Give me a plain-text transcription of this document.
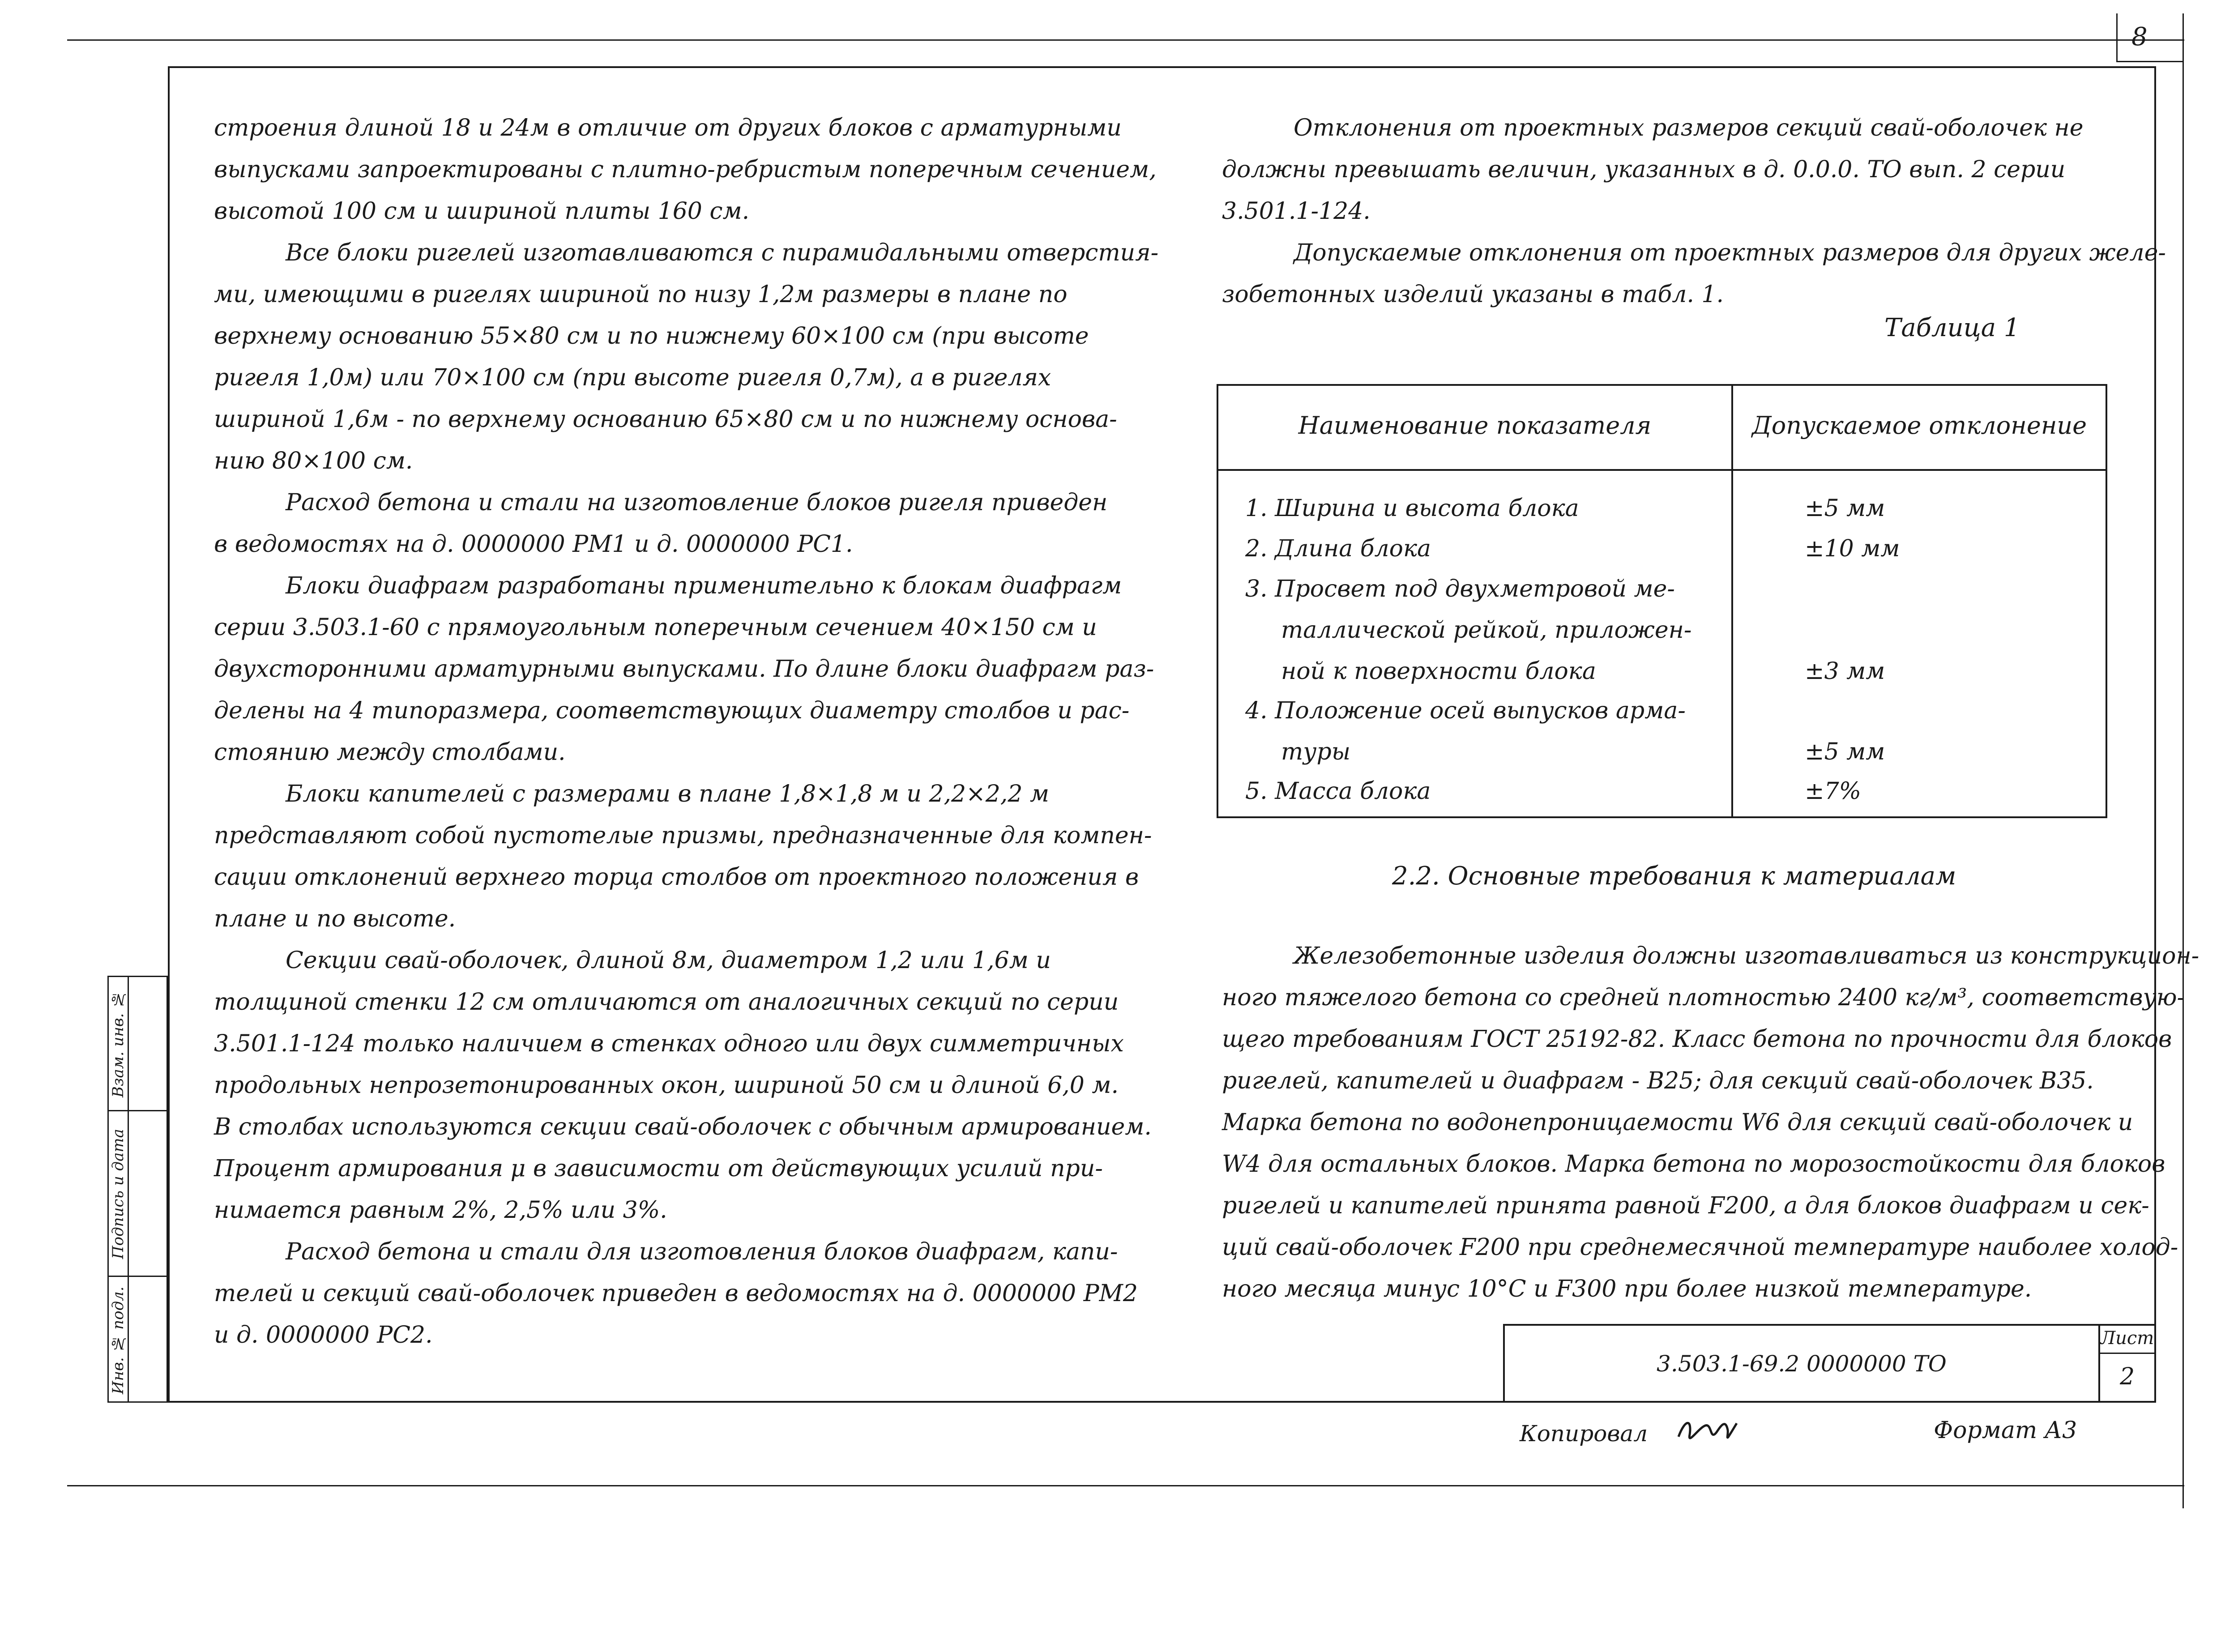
8
Инв. № подл.
Подпись и дата
Взам. инв. №
строения длиной 18 и 24м в отличие от других блоков с арматурными
выпусками запроектированы с плитно-ребристым поперечным сечением,
высотой 100 см и шириной плиты 160 см.
Все блоки ригелей изготавливаются с пирамидальными отверстия-
ми, имеющими в ригелях шириной по низу 1,2м размеры в плане по
верхнему основанию 55×80 см и по нижнему 60×100 см (при высоте
ригеля 1,0м) или 70×100 см (при высоте ригеля 0,7м), а в ригелях
шириной 1,6м - по верхнему основанию 65×80 см и по нижнему основа-
нию 80×100 см.
Расход бетона и стали на изготовление блоков ригеля приведен
в ведомостях на д. 0000000 РМ1 и д. 0000000 РС1.
Блоки диафрагм разработаны применительно к блокам диафрагм
серии 3.503.1-60 с прямоугольным поперечным сечением 40×150 см и
двухсторонними арматурными выпусками. По длине блоки диафрагм раз-
делены на 4 типоразмера, соответствующих диаметру столбов и рас-
стоянию между столбами.
Блоки капителей с размерами в плане 1,8×1,8 м и 2,2×2,2 м
представляют собой пустотелые призмы, предназначенные для компен-
сации отклонений верхнего торца столбов от проектного положения в
плане и по высоте.
Секции свай-оболочек, длиной 8м, диаметром 1,2 или 1,6м и
толщиной стенки 12 см отличаются от аналогичных секций по серии
3.501.1-124 только наличием в стенках одного или двух симметричных
продольных непрозетонированных окон, шириной 50 см и длиной 6,0 м.
В столбах используются секции свай-оболочек с обычным армированием.
Процент армирования μ в зависимости от действующих усилий при-
нимается равным 2%, 2,5% или 3%.
Расход бетона и стали для изготовления блоков диафрагм, капи-
телей и секций свай-оболочек приведен в ведомостях на д. 0000000 РМ2
и д. 0000000 РС2.
Отклонения от проектных размеров секций свай-оболочек не
должны превышать величин, указанных в д. 0.0.0. ТО вып. 2 серии
3.501.1-124.
Допускаемые отклонения от проектных размеров для других желе-
зобетонных изделий указаны в табл. 1.
Таблица 1
Наименование показателя	Допускаемое отклонение
1. Ширина и высота блока	±5 мм
2. Длина блока	±10 мм
3. Просвет под двухметровой ме-
таллической рейкой, приложен-
ной к поверхности блока	±3 мм
4. Положение осей выпусков арма-
туры	±5 мм
5. Масса блока	±7%
2.2. Основные требования к материалам
Железобетонные изделия должны изготавливаться из конструкцион-
ного тяжелого бетона со средней плотностью 2400 кг/м³, соответствую-
щего требованиям ГОСТ 25192-82. Класс бетона по прочности для блоков
ригелей, капителей и диафрагм - В25; для секций свай-оболочек В35.
Марка бетона по водонепроницаемости W6 для секций свай-оболочек и
W4 для остальных блоков. Марка бетона по морозостойкости для блоков
ригелей и капителей принята равной F200, а для блоков диафрагм и сек-
ций свай-оболочек F200 при среднемесячной температуре наиболее холод-
ного месяца минус 10°С и F300 при более низкой температуре.
3.503.1-69.2 0000000 ТО
Лист
2
Копировал	Формат А3
